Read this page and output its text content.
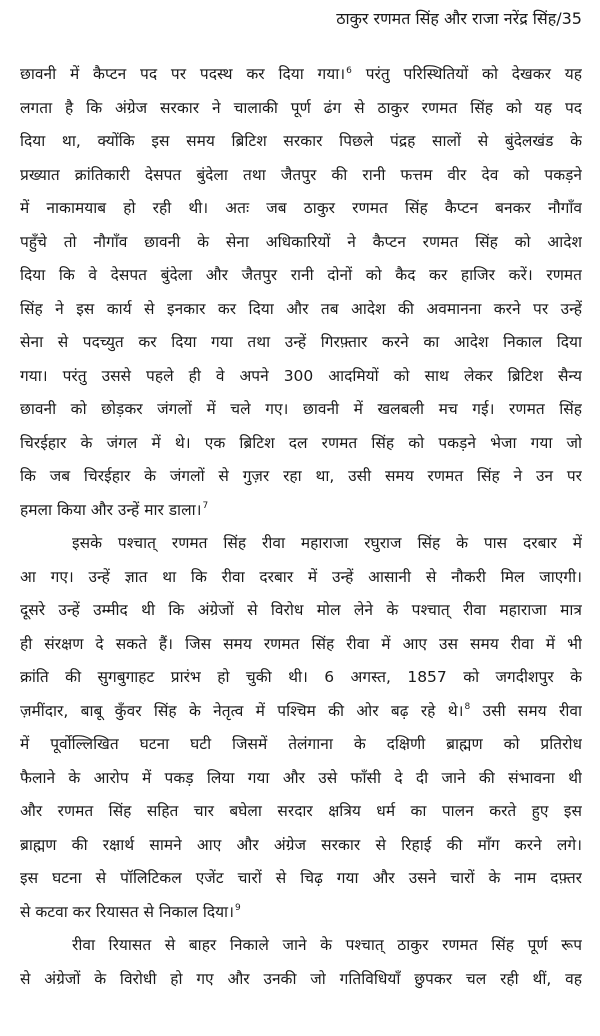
ठाकुर रणमत सिंह और राजा नरेंद्र सिंह/35
छावनी में कैप्टन पद पर पदस्थ कर दिया गया।$^6$ परंतु परिस्थितियों को देखकर यह
लगता है कि अंग्रेज सरकार ने चालाकी पूर्ण ढंग से ठाकुर रणमत सिंह को यह पद
दिया था, क्योंकि इस समय ब्रिटिश सरकार पिछले पंद्रह सालों से बुंदेलखंड के
प्रख्यात क्रांतिकारी देसपत बुंदेला तथा जैतपुर की रानी फत्तम वीर देव को पकड़ने
में नाकामयाब हो रही थी। अतः जब ठाकुर रणमत सिंह कैप्टन बनकर नौगाँव
पहुँचे तो नौगाँव छावनी के सेना अधिकारियों ने कैप्टन रणमत सिंह को आदेश
दिया कि वे देसपत बुंदेला और जैतपुर रानी दोनों को कैद कर हाजिर करें। रणमत
सिंह ने इस कार्य से इनकार कर दिया और तब आदेश की अवमानना करने पर उन्हें
सेना से पदच्युत कर दिया गया तथा उन्हें गिरफ़्तार करने का आदेश निकाल दिया
गया। परंतु उससे पहले ही वे अपने 300 आदमियों को साथ लेकर ब्रिटिश सैन्य
छावनी को छोड़कर जंगलों में चले गए। छावनी में खलबली मच गई। रणमत सिंह
चिरईहार के जंगल में थे। एक ब्रिटिश दल रणमत सिंह को पकड़ने भेजा गया जो
कि जब चिरईहार के जंगलों से गुज़र रहा था, उसी समय रणमत सिंह ने उन पर
हमला किया और उन्हें मार डाला।$^7$
इसके पश्चात् रणमत सिंह रीवा महाराजा रघुराज सिंह के पास दरबार में
आ गए। उन्हें ज्ञात था कि रीवा दरबार में उन्हें आसानी से नौकरी मिल जाएगी।
दूसरे उन्हें उम्मीद थी कि अंग्रेजों से विरोध मोल लेने के पश्चात् रीवा महाराजा मात्र
ही संरक्षण दे सकते हैं। जिस समय रणमत सिंह रीवा में आए उस समय रीवा में भी
क्रांति की सुगबुगाहट प्रारंभ हो चुकी थी। 6 अगस्त, 1857 को जगदीशपुर के
ज़मींदार, बाबू कुँवर सिंह के नेतृत्व में पश्चिम की ओर बढ़ रहे थे।$^8$ उसी समय रीवा
में पूर्वोल्लिखित घटना घटी जिसमें तेलंगाना के दक्षिणी ब्राह्मण को प्रतिरोध
फैलाने के आरोप में पकड़ लिया गया और उसे फाँसी दे दी जाने की संभावना थी
और रणमत सिंह सहित चार बघेला सरदार क्षत्रिय धर्म का पालन करते हुए इस
ब्राह्मण की रक्षार्थ सामने आए और अंग्रेज सरकार से रिहाई की माँग करने लगे।
इस घटना से पॉलिटिकल एजेंट चारों से चिढ़ गया और उसने चारों के नाम दफ़्तर
से कटवा कर रियासत से निकाल दिया।$^9$
रीवा रियासत से बाहर निकाले जाने के पश्चात् ठाकुर रणमत सिंह पूर्ण रूप
से अंग्रेजों के विरोधी हो गए और उनकी जो गतिविधियाँ छुपकर चल रही थीं, वह
